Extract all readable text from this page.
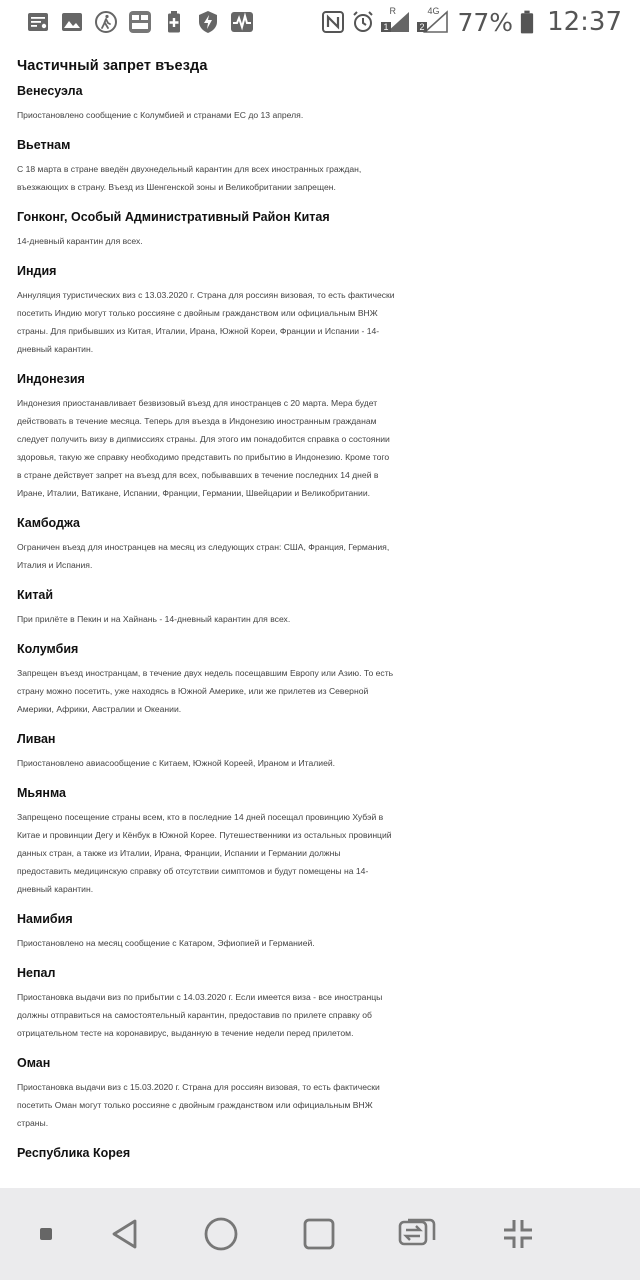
R
1
4G
2 77% 12:37
Частичный запрет въезда
Венесуэла
Приостановлено сообщение с Колумбией и странами ЕС до 13 апреля.
Вьетнам
С 18 марта в стране введён двухнедельный карантин для всех иностранных граждан, въезжающих в страну. Въезд из Шенгенской зоны и Великобритании запрещен.
Гонконг, Особый Административный Район Китая
14-дневный карантин для всех.
Индия
Аннуляция туристических виз с 13.03.2020 г. Страна для россиян визовая, то есть фактически посетить Индию могут только россияне с двойным гражданством или официальным ВНЖ страны. Для прибывших из Китая, Италии, Ирана, Южной Кореи, Франции и Испании - 14-дневный карантин.
Индонезия
Индонезия приостанавливает безвизовый въезд для иностранцев с 20 марта. Мера будет действовать в течение месяца. Теперь для въезда в Индонезию иностранным гражданам следует получить визу в дипмиссиях страны. Для этого им понадобится справка о состоянии здоровья, такую же справку необходимо представить по прибытию в Индонезию. Кроме того в стране действует запрет на въезд для всех, побывавших в течение последних 14 дней в Иране, Италии, Ватикане, Испании, Франции, Германии, Швейцарии и Великобритании.
Камбоджа
Ограничен въезд для иностранцев на месяц из следующих стран: США, Франция, Германия, Италия и Испания.
Китай
При прилёте в Пекин и на Хайнань - 14-дневный карантин для всех.
Колумбия
Запрещен въезд иностранцам, в течение двух недель посещавшим Европу или Азию. То есть страну можно посетить, уже находясь в Южной Америке, или же прилетев из Северной Америки, Африки, Австралии и Океании.
Ливан
Приостановлено авиасообщение с Китаем, Южной Кореей, Ираном и Италией.
Мьянма
Запрещено посещение страны всем, кто в последние 14 дней посещал провинцию Хубэй в Китае и провинции Дегу и Кёнбук в Южной Корее. Путешественники из остальных провинций данных стран, а также из Италии, Ирана, Франции, Испании и Германии должны предоставить медицинскую справку об отсутствии симптомов и будут помещены на 14-дневный карантин.
Намибия
Приостановлено на месяц сообщение с Катаром, Эфиопией и Германией.
Непал
Приостановка выдачи виз по прибытии с 14.03.2020 г. Если имеется виза - все иностранцы должны отправиться на самостоятельный карантин, предоставив по прилете справку об отрицательном тесте на коронавирус, выданную в течение недели перед прилетом.
Оман
Приостановка выдачи виз с 15.03.2020 г. Страна для россиян визовая, то есть фактически посетить Оман могут только россияне с двойным гражданством или официальным ВНЖ страны.
Республика Корея
